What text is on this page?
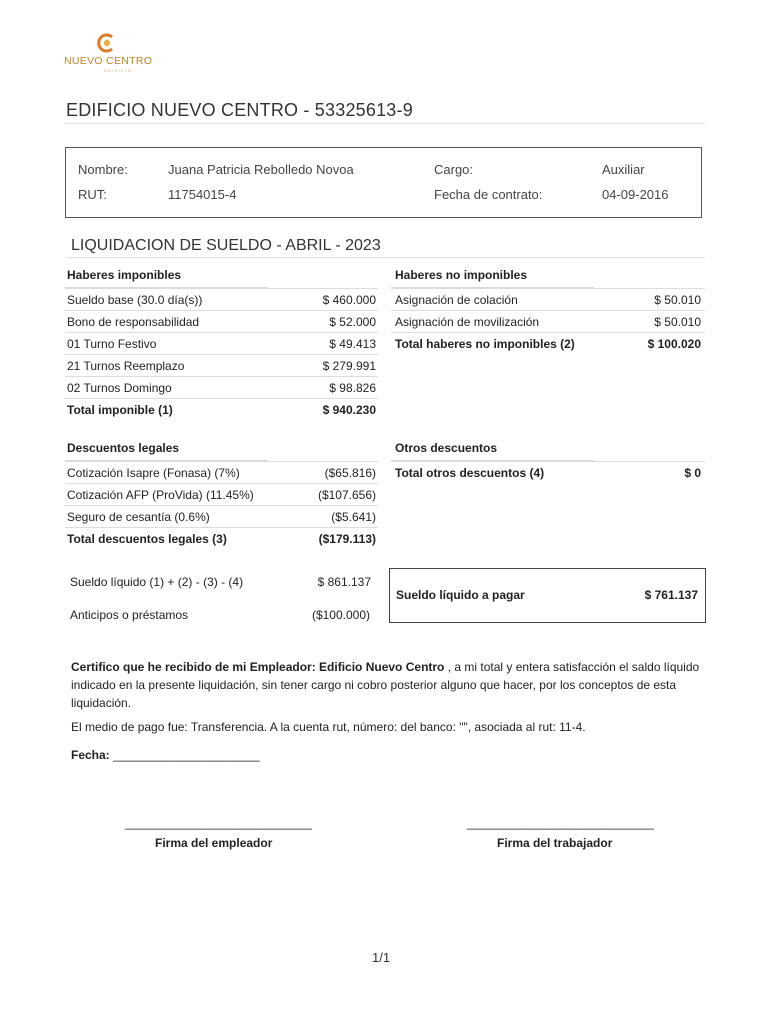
NUEVO CENTRO
EDIFICIO
EDIFICIO NUEVO CENTRO - 53325613-9
Nombre:	Juana Patricia Rebolledo Novoa	Cargo:	Auxiliar
RUT:	11754015-4	Fecha de contrato:	04-09-2016
LIQUIDACION DE SUELDO - ABRIL - 2023
Haberes imponibles
Sueldo base (30.0 día(s))	$ 460.000
Bono de responsabilidad	$ 52.000
01 Turno Festivo	$ 49.413
21 Turnos Reemplazo	$ 279.991
02 Turnos Domingo	$ 98.826
Total imponible (1)	$ 940.230
Haberes no imponibles
Asignación de colación	$ 50.010
Asignación de movilización	$ 50.010
Total haberes no imponibles (2)	$ 100.020
Descuentos legales
Cotización Isapre (Fonasa) (7%)	($65.816)
Cotización AFP (ProVida) (11.45%)	($107.656)
Seguro de cesantía (0.6%)	($5.641)
Total descuentos legales (3)	($179.113)
Otros descuentos
Total otros descuentos (4)	$ 0
Sueldo líquido (1) + (2) - (3) - (4)	$ 861.137
Anticipos o préstamos	($100.000)
Sueldo líquido a pagar	$ 761.137
Certifico que he recibido de mi Empleador: Edificio Nuevo Centro , a mi total y entera satisfacción el saldo líquido indicado en la presente liquidación, sin tener cargo ni cobro posterior alguno que hacer, por los conceptos de esta liquidación.
El medio de pago fue: Transferencia. A la cuenta rut, número: del banco: "", asociada al rut: 11-4.
Fecha: ______________________
____________________________
Firma del empleador
____________________________
Firma del trabajador
1/1
